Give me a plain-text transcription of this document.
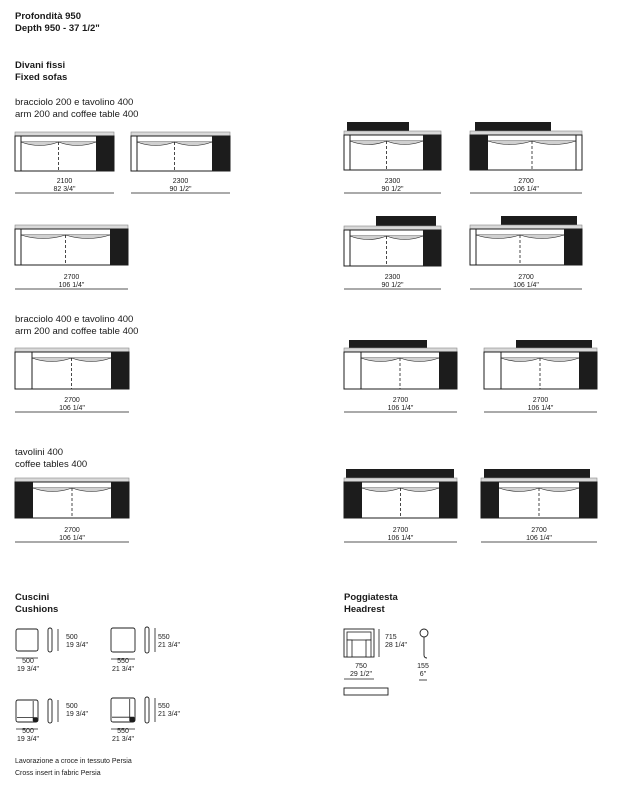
Profondità 950
Depth 950 - 37 1/2"
Divani fissi
Fixed sofas
bracciolo 200 e tavolino 400
arm 200 and coffee table 400
bracciolo 400 e tavolino 400
arm 200 and coffee table 400
tavolini 400
coffee tables 400
Cuscini
Cushions
Poggiatesta
Headrest
Lavorazione a croce in tessuto Persia
Cross insert in fabric Persia
2100
82 3/4"
2300
90 1/2"
2300
90 1/2"
2700
106 1/4"
2700
106 1/4"
2300
90 1/2"
2700
106 1/4"
2700
106 1/4"
2700
106 1/4"
2700
106 1/4"
2700
106 1/4"
2700
106 1/4"
2700
106 1/4"
500
19 3/4"
500
19 3/4"
550
21 3/4"
550
21 3/4"
500
19 3/4"
500
19 3/4"
550
21 3/4"
550
21 3/4"
715
28 1/4"
750
29 1/2"
155
6"
